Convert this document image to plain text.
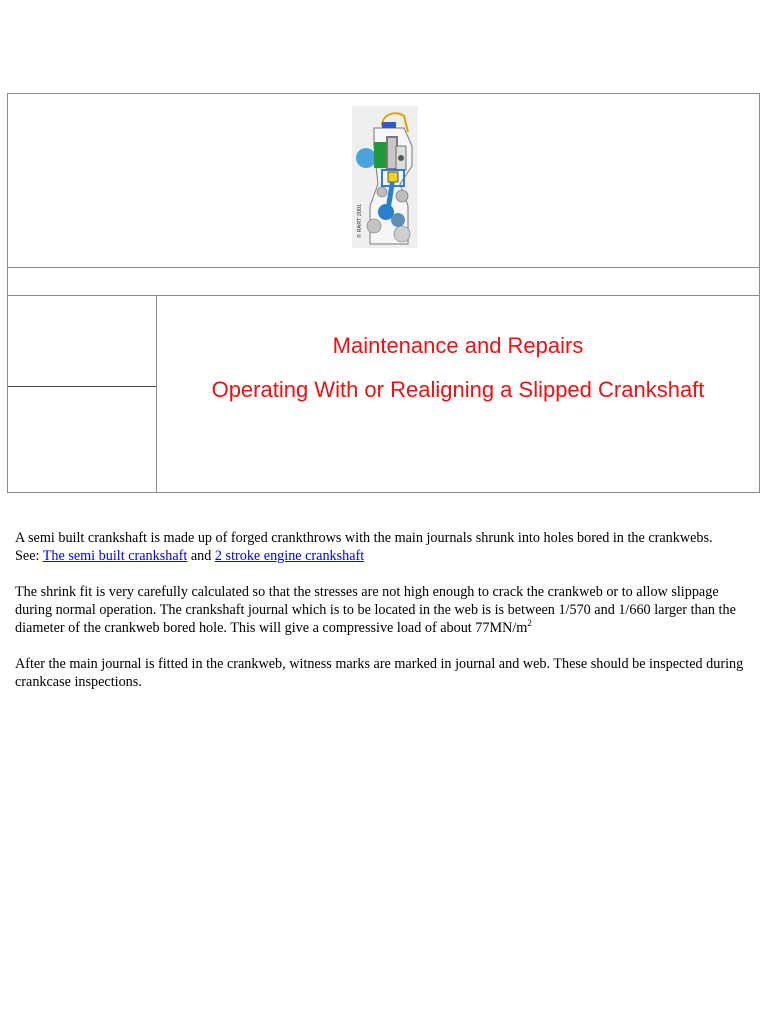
© RART 2001
Maintenance and Repairs
Operating With or Realigning a Slipped Crankshaft

A semi built crankshaft is made up of forged crankthrows with the main journals shrunk into holes bored in the crankwebs.
See: The semi built crankshaft and 2 stroke engine crankshaft

The shrink fit is very carefully calculated so that the stresses are not high enough to crack the crankweb or to allow slippage during normal operation. The crankshaft journal which is to be located in the web is is between 1/570 and 1/660 larger than the diameter of the crankweb bored hole. This will give a compressive load of about $77MN/m^2$

After the main journal is fitted in the crankweb, witness marks are marked in journal and web. These should be inspected during crankcase inspections.
